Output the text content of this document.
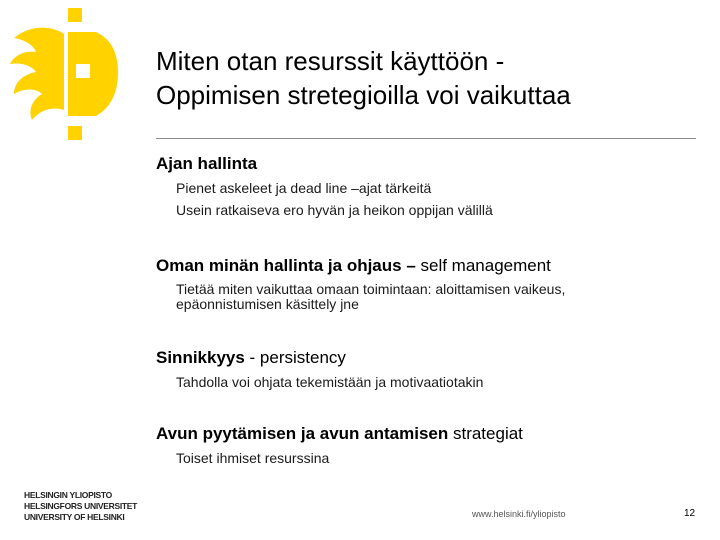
Miten otan resurssit käyttöön -
Oppimisen stretegioilla voi vaikuttaa
Ajan hallinta
Pienet askeleet ja dead line –ajat tärkeitä
Usein ratkaiseva ero hyvän ja heikon oppijan välillä
Oman minän hallinta ja ohjaus – self management
Tietää miten vaikuttaa omaan toimintaan: aloittamisen vaikeus, epäonnistumisen käsittely jne
Sinnikkyys - persistency
Tahdolla voi ohjata tekemistään ja motivaatiotakin
Avun pyytämisen ja avun antamisen strategiat
Toiset ihmiset resurssina
HELSINGIN YLIOPISTO
HELSINGFORS UNIVERSITET
UNIVERSITY OF HELSINKI	www.helsinki.fi/yliopisto	12
